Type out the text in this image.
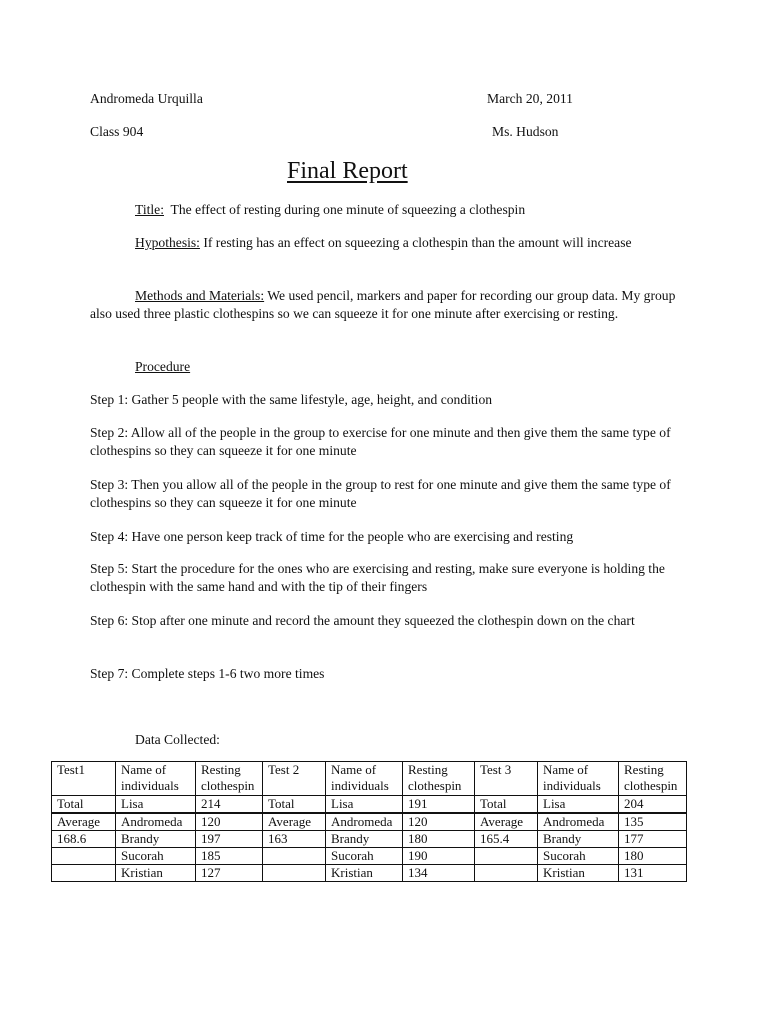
Andromeda Urquilla	March 20, 2011
Class 904	Ms. Hudson
Final Report
Title: The effect of resting during one minute of squeezing a clothespin
Hypothesis: If resting has an effect on squeezing a clothespin than the amount will increase
Methods and Materials: We used pencil, markers and paper for recording our group data. My group also used three plastic clothespins so we can squeeze it for one minute after exercising or resting.
Procedure
Step 1: Gather 5 people with the same lifestyle, age, height, and condition
Step 2: Allow all of the people in the group to exercise for one minute and then give them the same type of clothespins so they can squeeze it for one minute
Step 3: Then you allow all of the people in the group to rest for one minute and give them the same type of clothespins so they can squeeze it for one minute
Step 4: Have one person keep track of time for the people who are exercising and resting
Step 5: Start the procedure for the ones who are exercising and resting, make sure everyone is holding the clothespin with the same hand and with the tip of their fingers
Step 6: Stop after one minute and record the amount they squeezed the clothespin down on the chart
Step 7: Complete steps 1-6 two more times
Data Collected:
Test1	Name of individuals	Resting clothespin	Test 2	Name of individuals	Resting clothespin	Test 3	Name of individuals	Resting clothespin
Total	Lisa	214	Total	Lisa	191	Total	Lisa	204
Average	Andromeda	120	Average	Andromeda	120	Average	Andromeda	135
168.6	Brandy	197	163	Brandy	180	165.4	Brandy	177
	Sucorah	185		Sucorah	190		Sucorah	180
	Kristian	127		Kristian	134		Kristian	131
